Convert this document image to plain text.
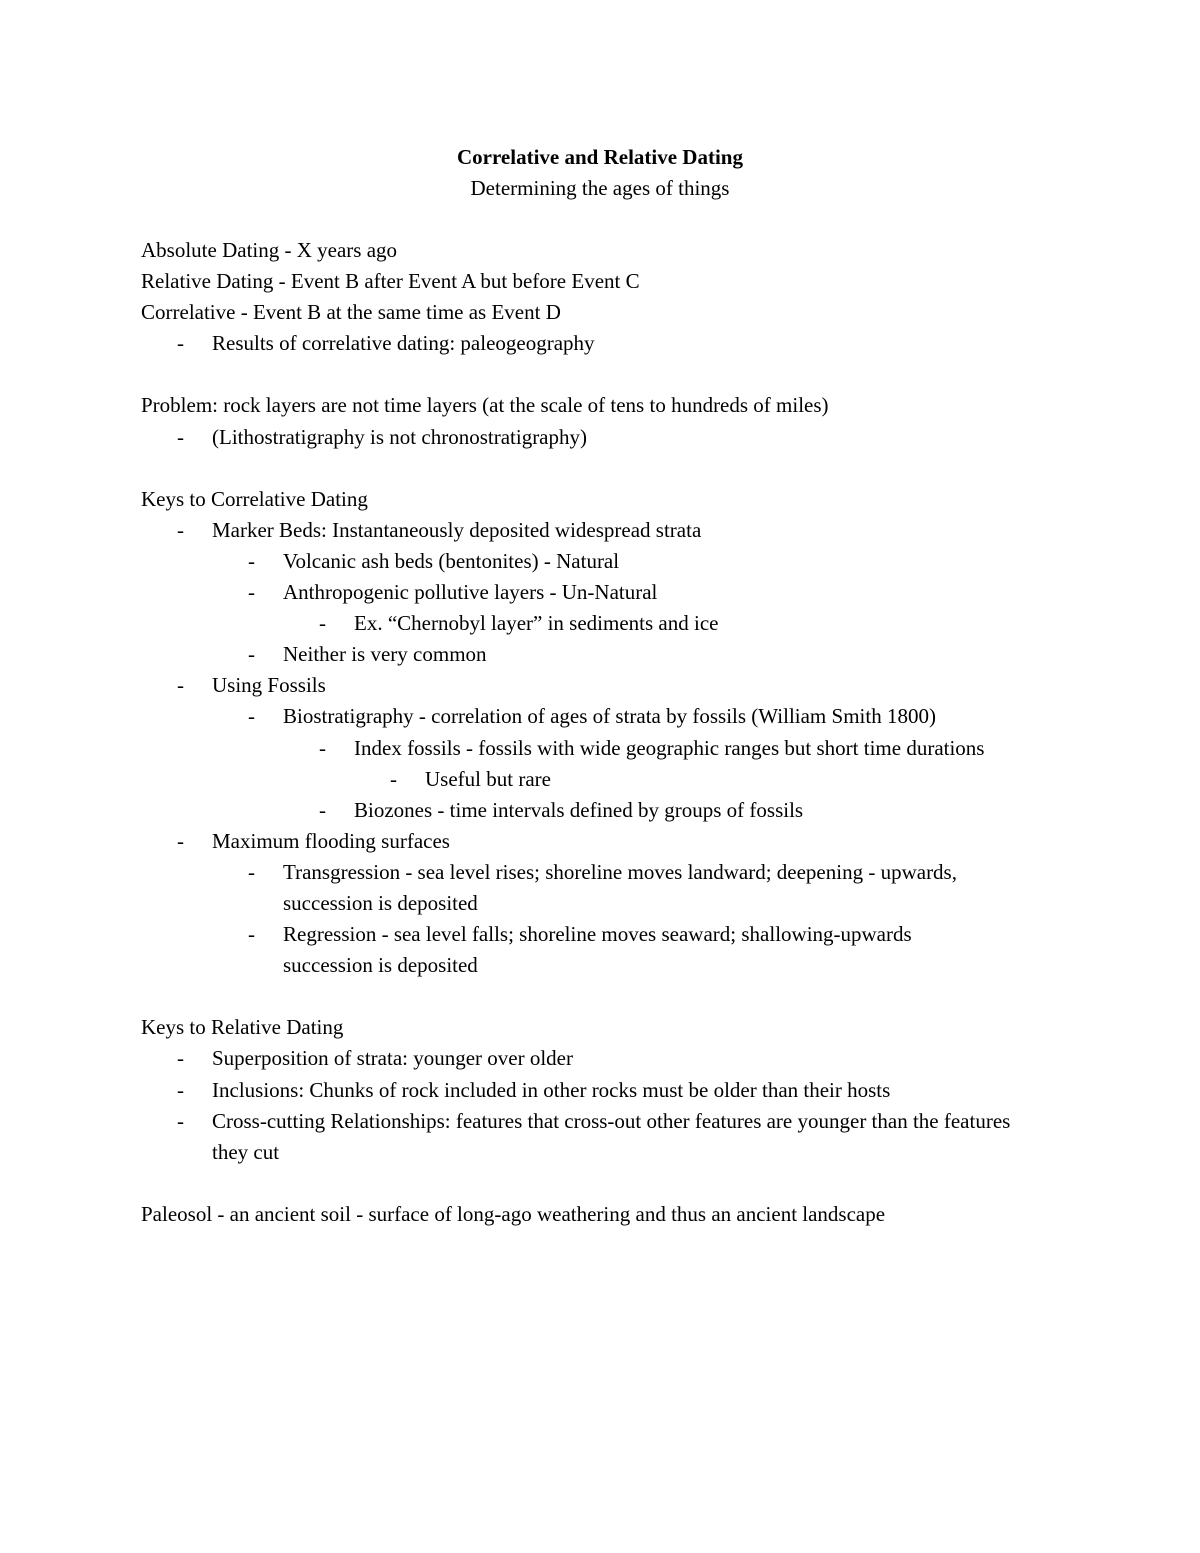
Correlative and Relative Dating
Determining the ages of things

Absolute Dating - X years ago

Relative Dating - Event B after Event A but before Event C

Correlative - Event B at the same time as Event D

-	Results of correlative dating: paleogeography

Problem: rock layers are not time layers (at the scale of tens to hundreds of miles)

-	(Lithostratigraphy is not chronostratigraphy)

Keys to Correlative Dating

-	Marker Beds: Instantaneously deposited widespread strata
-	Volcanic ash beds (bentonites) - Natural
-	Anthropogenic pollutive layers - Un-Natural
-	Ex. “Chernobyl layer” in sediments and ice
-	Neither is very common
-	Using Fossils
-	Biostratigraphy - correlation of ages of strata by fossils (William Smith 1800)
-	Index fossils - fossils with wide geographic ranges but short time durations
-	Useful but rare
-	Biozones - time intervals defined by groups of fossils
-	Maximum flooding surfaces
-	Transgression - sea level rises; shoreline moves landward; deepening - upwards, succession is deposited
-	Regression - sea level falls; shoreline moves seaward; shallowing-upwards succession is deposited

Keys to Relative Dating

-	Superposition of strata: younger over older
-	Inclusions: Chunks of rock included in other rocks must be older than their hosts
-	Cross-cutting Relationships: features that cross-out other features are younger than the features they cut

Paleosol - an ancient soil - surface of long-ago weathering and thus an ancient landscape
